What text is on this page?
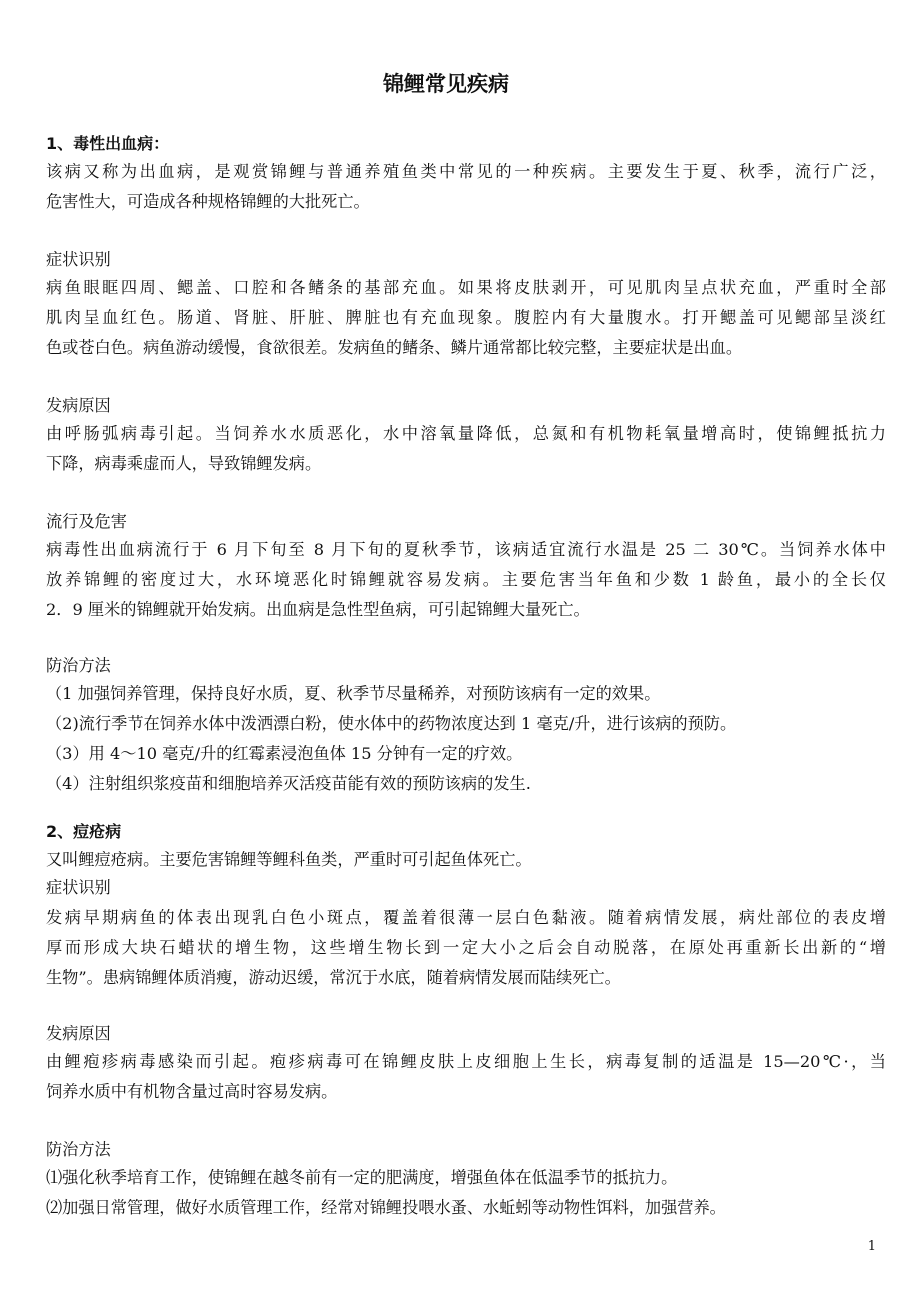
锦鲤常见疾病
1、毒性出血病：
该病又称为出血病，是观赏锦鲤与普通养殖鱼类中常见的一种疾病。主要发生于夏、秋季，流行广泛，
危害性大，可造成各种规格锦鲤的大批死亡。
症状识别
病鱼眼眶四周、鳃盖、口腔和各鳍条的基部充血。如果将皮肤剥开，可见肌肉呈点状充血，严重时全部
肌肉呈血红色。肠道、肾脏、肝脏、脾脏也有充血现象。腹腔内有大量腹水。打开鳃盖可见鳃部呈淡红
色或苍白色。病鱼游动缓慢，食欲很差。发病鱼的鳍条、鳞片通常都比较完整，主要症状是出血。
发病原因
由呼肠弧病毒引起。当饲养水水质恶化，水中溶氧量降低，总氮和有机物耗氧量增高时，使锦鲤抵抗力
下降，病毒乘虚而人，导致锦鲤发病。
流行及危害
病毒性出血病流行于 6 月下旬至 8 月下旬的夏秋季节，该病适宜流行水温是 25 二 30℃。当饲养水体中
放养锦鲤的密度过大，水环境恶化时锦鲤就容易发病。主要危害当年鱼和少数 1 龄鱼，最小的全长仅
2．9 厘米的锦鲤就开始发病。出血病是急性型鱼病，可引起锦鲤大量死亡。
防治方法
（1 加强饲养管理，保持良好水质，夏、秋季节尽量稀养，对预防该病有一定的效果。
（2)流行季节在饲养水体中泼洒漂白粉，使水体中的药物浓度达到 1 毫克/升，进行该病的预防。
（3）用 4～10 毫克/升的红霉素浸泡鱼体 15 分钟有一定的疗效。
（4）注射组织浆疫苗和细胞培养灭活疫苗能有效的预防该病的发生.
2、痘疮病
又叫鲤痘疮病。主要危害锦鲤等鲤科鱼类，严重时可引起鱼体死亡。
症状识别
发病早期病鱼的体表出现乳白色小斑点，覆盖着很薄一层白色黏液。随着病情发展，病灶部位的表皮增
厚而形成大块石蜡状的增生物，这些增生物长到一定大小之后会自动脱落，在原处再重新长出新的“增
生物”。患病锦鲤体质消瘦，游动迟缓，常沉于水底，随着病情发展而陆续死亡。
发病原因
由鲤疱疹病毒感染而引起。疱疹病毒可在锦鲤皮肤上皮细胞上生长，病毒复制的适温是 15—20℃·，当
饲养水质中有机物含量过高时容易发病。
防治方法
⑴强化秋季培育工作，使锦鲤在越冬前有一定的肥满度，增强鱼体在低温季节的抵抗力。
⑵加强日常管理，做好水质管理工作，经常对锦鲤投喂水蚤、水蚯蚓等动物性饵料，加强营养。
1
